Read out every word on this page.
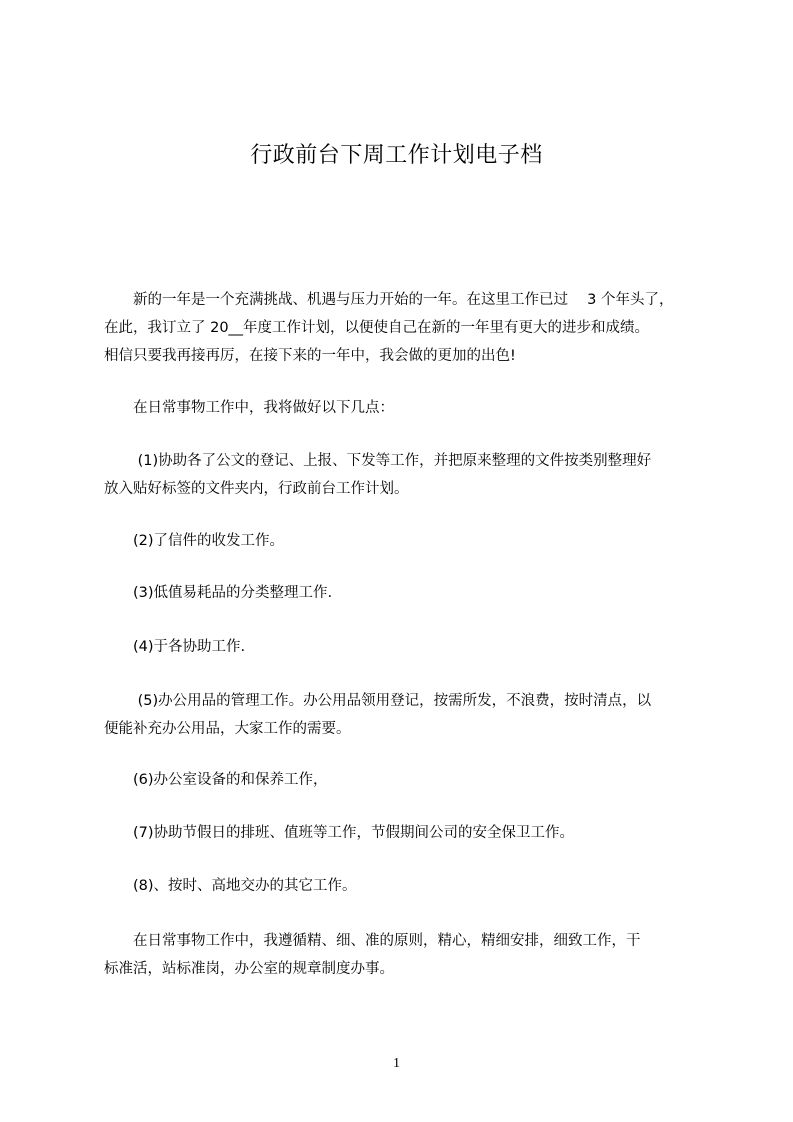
行政前台下周工作计划电子档
　　新的一年是一个充满挑战、机遇与压力开始的一年。在这里工作已过　 3 个年头了，
在此，我订立了 20__年度工作计划，以便使自己在新的一年里有更大的进步和成绩。
相信只要我再接再厉，在接下来的一年中，我会做的更加的出色!
　　在日常事物工作中，我将做好以下几点：
　　 (1)协助各了公文的登记、上报、下发等工作，并把原来整理的文件按类别整理好
放入贴好标签的文件夹内，行政前台工作计划。
　　(2)了信件的收发工作。
　　(3)低值易耗品的分类整理工作.
　　(4)于各协助工作.
　　 (5)办公用品的管理工作。办公用品领用登记，按需所发，不浪费，按时清点，以
便能补充办公用品，大家工作的需要。
　　(6)办公室设备的和保养工作，
　　(7)协助节假日的排班、值班等工作，节假期间公司的安全保卫工作。
　　(8)、按时、高地交办的其它工作。
　　在日常事物工作中，我遵循精、细、准的原则，精心，精细安排，细致工作，干
标准活，站标准岗，办公室的规章制度办事。
1
